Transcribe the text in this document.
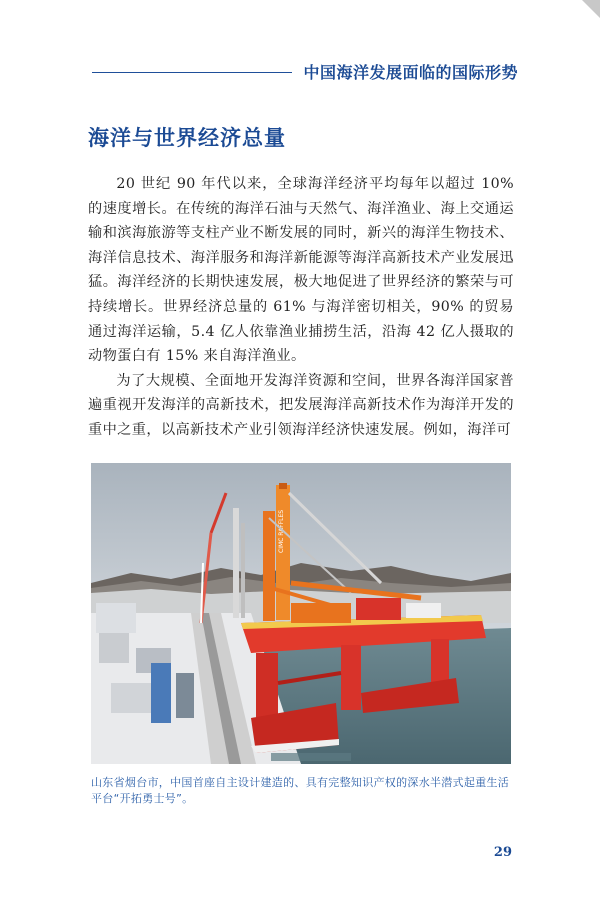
中国海洋发展面临的国际形势
海洋与世界经济总量

20 世纪 90 年代以来，全球海洋经济平均每年以超过 10% 的速度增长。在传统的海洋石油与天然气、海洋渔业、海上交通运输和滨海旅游等支柱产业不断发展的同时，新兴的海洋生物技术、海洋信息技术、海洋服务和海洋新能源等海洋高新技术产业发展迅猛。海洋经济的长期快速发展，极大地促进了世界经济的繁荣与可持续增长。世界经济总量的 61% 与海洋密切相关，90% 的贸易通过海洋运输，5.4 亿人依靠渔业捕捞生活，沿海 42 亿人摄取的动物蛋白有 15% 来自海洋渔业。

为了大规模、全面地开发海洋资源和空间，世界各海洋国家普遍重视开发海洋的高新技术，把发展海洋高新技术作为海洋开发的重中之重，以高新技术产业引领海洋经济快速发展。例如，海洋可

CIMC RAFFLES
山东省烟台市，中国首座自主设计建造的、具有完整知识产权的深水半潜式起重生活平台“开拓勇士号”。
29
